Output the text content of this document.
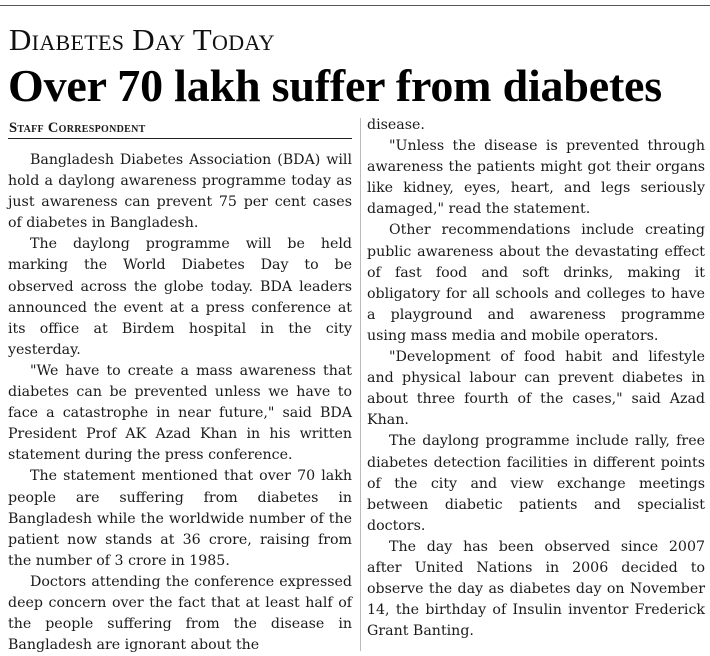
Diabetes Day Today
Over 70 lakh suffer from diabetes
Staff Correspondent

Bangladesh Diabetes Association (BDA) will hold a daylong awareness programme today as just awareness can prevent 75 per cent cases of diabetes in Bangladesh.

The daylong programme will be held marking the World Diabetes Day to be observed across the globe today. BDA leaders announced the event at a press conference at its office at Birdem hospital in the city yesterday.

"We have to create a mass awareness that diabetes can be prevented unless we have to face a catastrophe in near future," said BDA President Prof AK Azad Khan in his written statement during the press conference.

The statement mentioned that over 70 lakh people are suffering from diabetes in Bangladesh while the worldwide number of the patient now stands at 36 crore, raising from the number of 3 crore in 1985.

Doctors attending the conference expressed deep concern over the fact that at least half of the people suffering from the disease in Bangladesh are ignorant about the

disease.

"Unless the disease is prevented through awareness the patients might got their organs like kidney, eyes, heart, and legs seriously damaged," read the statement.

Other recommendations include creating public awareness about the devastating effect of fast food and soft drinks, making it obligatory for all schools and colleges to have a playground and awareness programme using mass media and mobile operators.

"Development of food habit and lifestyle and physical labour can prevent diabetes in about three fourth of the cases," said Azad Khan.

The daylong programme include rally, free diabetes detection facilities in different points of the city and view exchange meetings between diabetic patients and specialist doctors.

The day has been observed since 2007 after United Nations in 2006 decided to observe the day as diabetes day on November 14, the birthday of Insulin inventor Frederick Grant Banting.
